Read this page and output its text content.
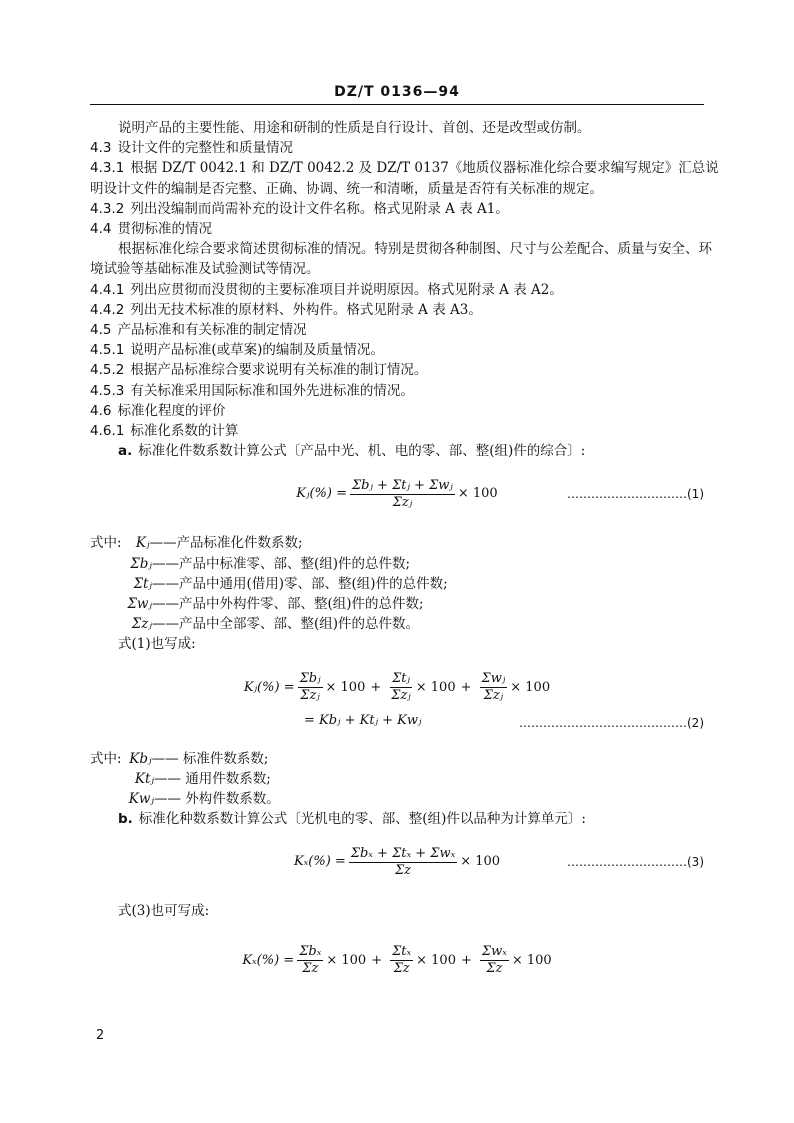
DZ/T 0136—94

说明产品的主要性能、用途和研制的性质是自行设计、首创、还是改型或仿制。

4.3 设计文件的完整性和质量情况

4.3.1 根据 DZ/T 0042.1 和 DZ/T 0042.2 及 DZ/T 0137《地质仪器标准化综合要求编写规定》汇总说

明设计文件的编制是否完整、正确、协调、统一和清晰，质量是否符有关标准的规定。

4.3.2 列出没编制而尚需补充的设计文件名称。格式见附录 A 表 A1。

4.4 贯彻标准的情况

根据标准化综合要求简述贯彻标准的情况。特别是贯彻各种制图、尺寸与公差配合、质量与安全、环

境试验等基础标准及试验测试等情况。

4.4.1 列出应贯彻而没贯彻的主要标准项目并说明原因。格式见附录 A 表 A2。

4.4.2 列出无技术标准的原材料、外构件。格式见附录 A 表 A3。

4.5 产品标准和有关标准的制定情况

4.5.1 说明产品标准(或草案)的编制及质量情况。

4.5.2 根据产品标准综合要求说明有关标准的制订情况。

4.5.3 有关标准采用国际标准和国外先进标准的情况。

4.6 标准化程度的评价

4.6.1 标准化系数的计算

a. 标准化件数系数计算公式〔产品中光、机、电的零、部、整(组)件的综合〕:

Kⱼ(%) = $\frac{\text{Σbⱼ + Σtⱼ + Σwⱼ}}{\text{Σzⱼ}} \times 100$	…………………………(1)

式中: Kⱼ——产品标准化件数系数;

Σbⱼ——产品中标准零、部、整(组)件的总件数;

Σtⱼ——产品中通用(借用)零、部、整(组)件的总件数;

Σwⱼ——产品中外构件零、部、整(组)件的总件数;

Σzⱼ——产品中全部零、部、整(组)件的总件数。

式(1)也写成:

Kⱼ(%) = $\frac{\text{Σbⱼ}}{\text{Σzⱼ}} \times 100 + \frac{\text{Σtⱼ}}{\text{Σzⱼ}} \times 100 + \frac{\text{Σwⱼ}}{\text{Σzⱼ}} \times 100$
= Kbⱼ + Ktⱼ + Kwⱼ	……………………………………(2)

式中: Kbⱼ—— 标准件数系数;

Ktⱼ—— 通用件数系数;

Kwⱼ—— 外构件数系数。

b. 标准化种数系数计算公式〔光机电的零、部、整(组)件以品种为计算单元〕:

$K_x(\%) = \frac{\text{Σbₓ + Σtₓ + Σwₓ}}{\Sigma z} \times 100$	…………………………(3)

式(3)也可写成:

$K_x(\%) = \frac{\text{Σbₓ}}{\Sigma z} \times 100 + \frac{\text{Σtₓ}}{\Sigma z} \times 100 + \frac{\text{Σwₓ}}{\Sigma z} \times 100$
2
